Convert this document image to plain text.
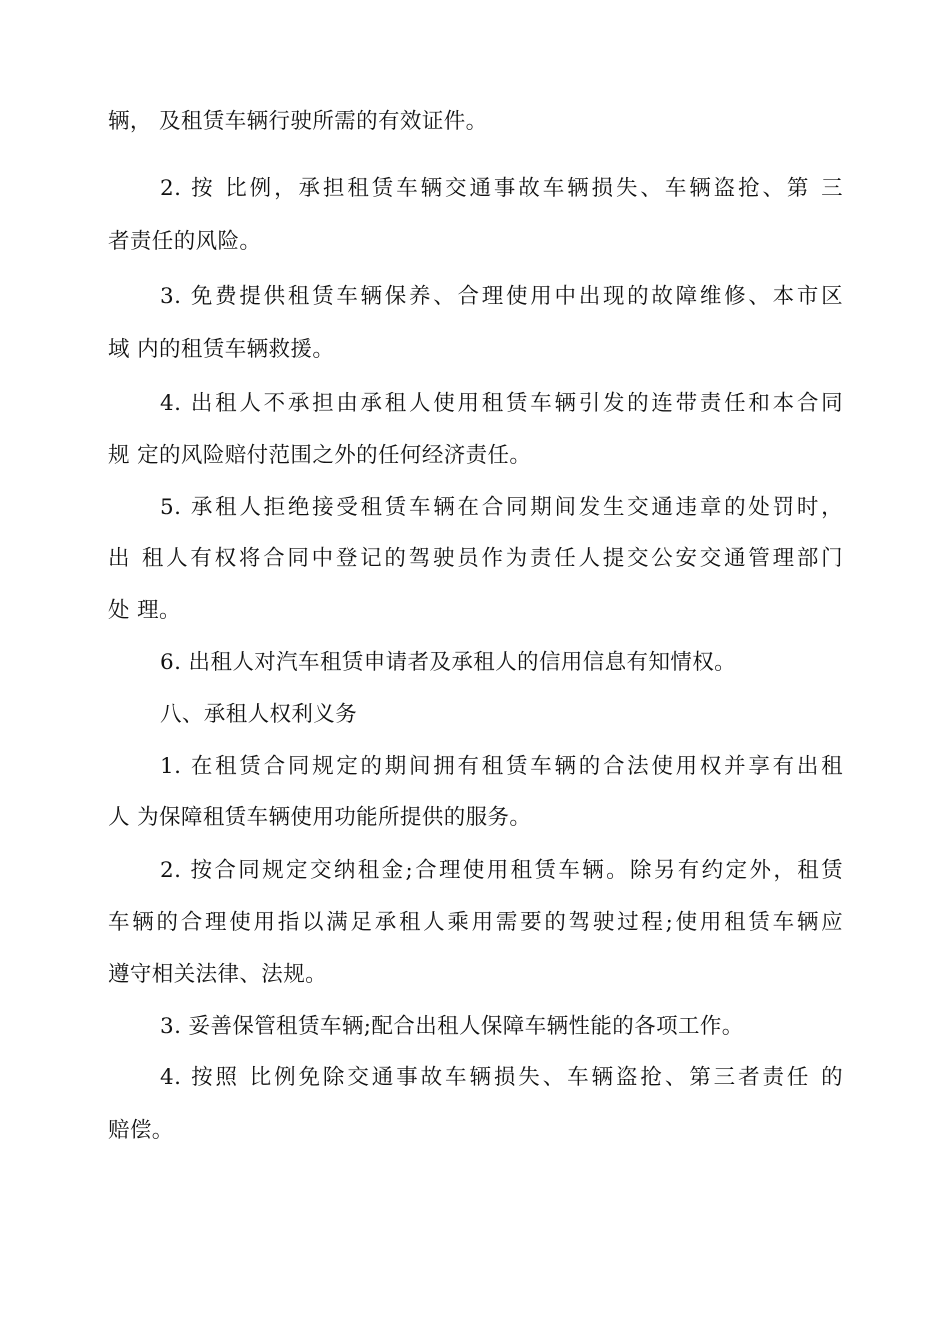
辆， 及租赁车辆行驶所需的有效证件。
2. 按 比例，承担租赁车辆交通事故车辆损失、车辆盗抢、第 三
者责任的风险。
3. 免费提供租赁车辆保养、合理使用中出现的故障维修、本市区
域 内的租赁车辆救援。
4. 出租人不承担由承租人使用租赁车辆引发的连带责任和本合同
规 定的风险赔付范围之外的任何经济责任。
5. 承租人拒绝接受租赁车辆在合同期间发生交通违章的处罚时，
出 租人有权将合同中登记的驾驶员作为责任人提交公安交通管理部门
处 理。
6. 出租人对汽车租赁申请者及承租人的信用信息有知情权。
八、承租人权利义务
1. 在租赁合同规定的期间拥有租赁车辆的合法使用权并享有出租
人 为保障租赁车辆使用功能所提供的服务。
2. 按合同规定交纳租金;合理使用租赁车辆。除另有约定外，租赁
车辆的合理使用指以满足承租人乘用需要的驾驶过程;使用租赁车辆应
遵守相关法律、法规。
3. 妥善保管租赁车辆;配合出租人保障车辆性能的各项工作。
4. 按照 比例免除交通事故车辆损失、车辆盗抢、第三者责任 的
赔偿。
